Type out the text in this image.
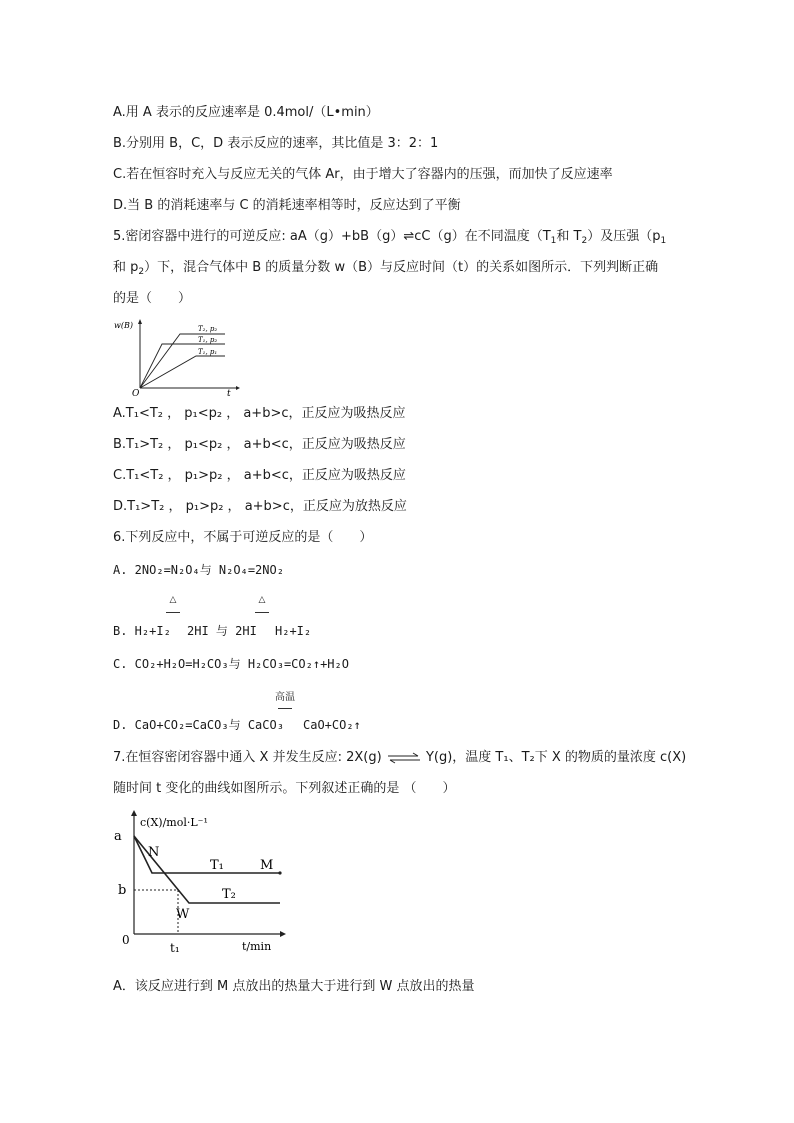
A.用 A 表示的反应速率是 0.4mol/（L•min）
B.分别用 B，C，D 表示反应的速率，其比值是 3：2：1
C.若在恒容时充入与反应无关的气体 Ar，由于增大了容器内的压强，而加快了反应速率
D.当 B 的消耗速率与 C 的消耗速率相等时，反应达到了平衡
5.密闭容器中进行的可逆反应: aA（g）+bB（g）⇌cC（g）在不同温度（$T_1$和 $T_2$）及压强（$p_1$
和 $p_2$）下，混合气体中 B 的质量分数 w（B）与反应时间（t）的关系如图所示．下列判断正确
的是（　　）
w(B)
O	t
T₂, p₂
T₁, p₂
T₁, p₁
A.T₁<T₂ ， p₁<p₂ ， a+b>c，正反应为吸热反应
B.T₁>T₂ ， p₁<p₂ ， a+b<c，正反应为吸热反应
C.T₁<T₂ ， p₁>p₂ ， a+b<c，正反应为吸热反应
D.T₁>T₂ ， p₁>p₂ ， a+b>c，正反应为放热反应
6.下列反应中，不属于可逆反应的是（　　）
A. 2NO₂=N₂O₄与 N₂O₄=2NO₂
△	△
B. H₂+I₂ 2HI 与 2HI H₂+I₂
C. CO₂+H₂O=H₂CO₃与 H₂CO₃=CO₂↑+H₂O
高温
D. CaO+CO₂=CaCO₃与 CaCO₃ CaO+CO₂↑
7.在恒容密闭容器中通入 X 并发生反应: 2X(g) ⇌ Y(g)，温度 T₁、T₂下 X 的物质的量浓度 c(X)
随时间 t 变化的曲线如图所示。下列叙述正确的是 （　　）
a
b
0
c(X)/mol·L⁻¹
t/min
t₁
N
M
W
T₁
T₂
A．该反应进行到 M 点放出的热量大于进行到 W 点放出的热量
